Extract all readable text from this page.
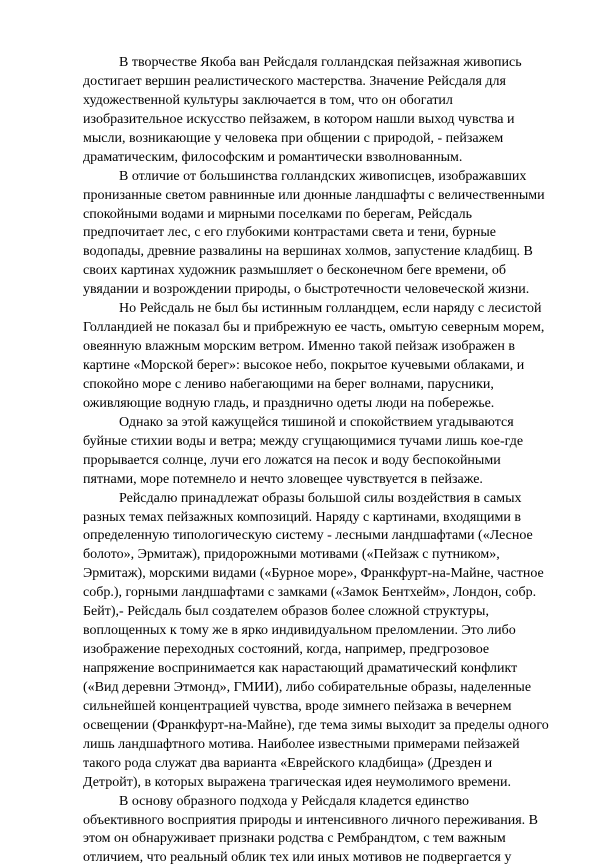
В творчестве Якоба ван Рейсдаля голландская пейзажная живопись
достигает вершин реалистического мастерства. Значение Рейсдаля для
художественной культуры заключается в том, что он обогатил
изобразительное искусство пейзажем, в котором нашли выход чувства и
мысли, возникающие у человека при общении с природой, - пейзажем
драматическим, философским и романтически взволнованным.
В отличие от большинства голландских живописцев, изображавших
пронизанные светом равнинные или дюнные ландшафты с величественными
спокойными водами и мирными поселками по берегам, Рейсдаль
предпочитает лес, с его глубокими контрастами света и тени, бурные
водопады, древние развалины на вершинах холмов, запустение кладбищ. В
своих картинах художник размышляет о бесконечном беге времени, об
увядании и возрождении природы, о быстротечности человеческой жизни.
Но Рейсдаль не был бы истинным голландцем, если наряду с лесистой
Голландией не показал бы и прибрежную ее часть, омытую северным морем,
овеянную влажным морским ветром. Именно такой пейзаж изображен в
картине «Морской берег»: высокое небо, покрытое кучевыми облаками, и
спокойно море с лениво набегающими на берег волнами, парусники,
оживляющие водную гладь, и празднично одеты люди на побережье.
Однако за этой кажущейся тишиной и спокойствием угадываются
буйные стихии воды и ветра; между сгущающимися тучами лишь кое-где
прорывается солнце, лучи его ложатся на песок и воду беспокойными
пятнами, море потемнело и нечто зловещее чувствуется в пейзаже.
Рейсдалю принадлежат образы большой силы воздействия в самых
разных темах пейзажных композиций. Наряду с картинами, входящими в
определенную типологическую систему - лесными ландшафтами («Лесное
болото», Эрмитаж), придорожными мотивами («Пейзаж с путником»,
Эрмитаж), морскими видами («Бурное море», Франкфурт-на-Майне, частное
собр.), горными ландшафтами с замками («Замок Бентхейм», Лондон, собр.
Бейт),- Рейсдаль был создателем образов более сложной структуры,
воплощенных к тому же в ярко индивидуальном преломлении. Это либо
изображение переходных состояний, когда, например, предгрозовое
напряжение воспринимается как нарастающий драматический конфликт
(«Вид деревни Этмонд», ГМИИ), либо собирательные образы, наделенные
сильнейшей концентрацией чувства, вроде зимнего пейзажа в вечернем
освещении (Франкфурт-на-Майне), где тема зимы выходит за пределы одного
лишь ландшафтного мотива. Наиболее известными примерами пейзажей
такого рода служат два варианта «Еврейского кладбища» (Дрезден и
Детройт), в которых выражена трагическая идея неумолимого времени.
В основу образного подхода у Рейсдаля кладется единство
объективного восприятия природы и интенсивного личного переживания. В
этом он обнаруживает признаки родства с Рембрандтом, с тем важным
отличием, что реальный облик тех или иных мотивов не подвергается у
